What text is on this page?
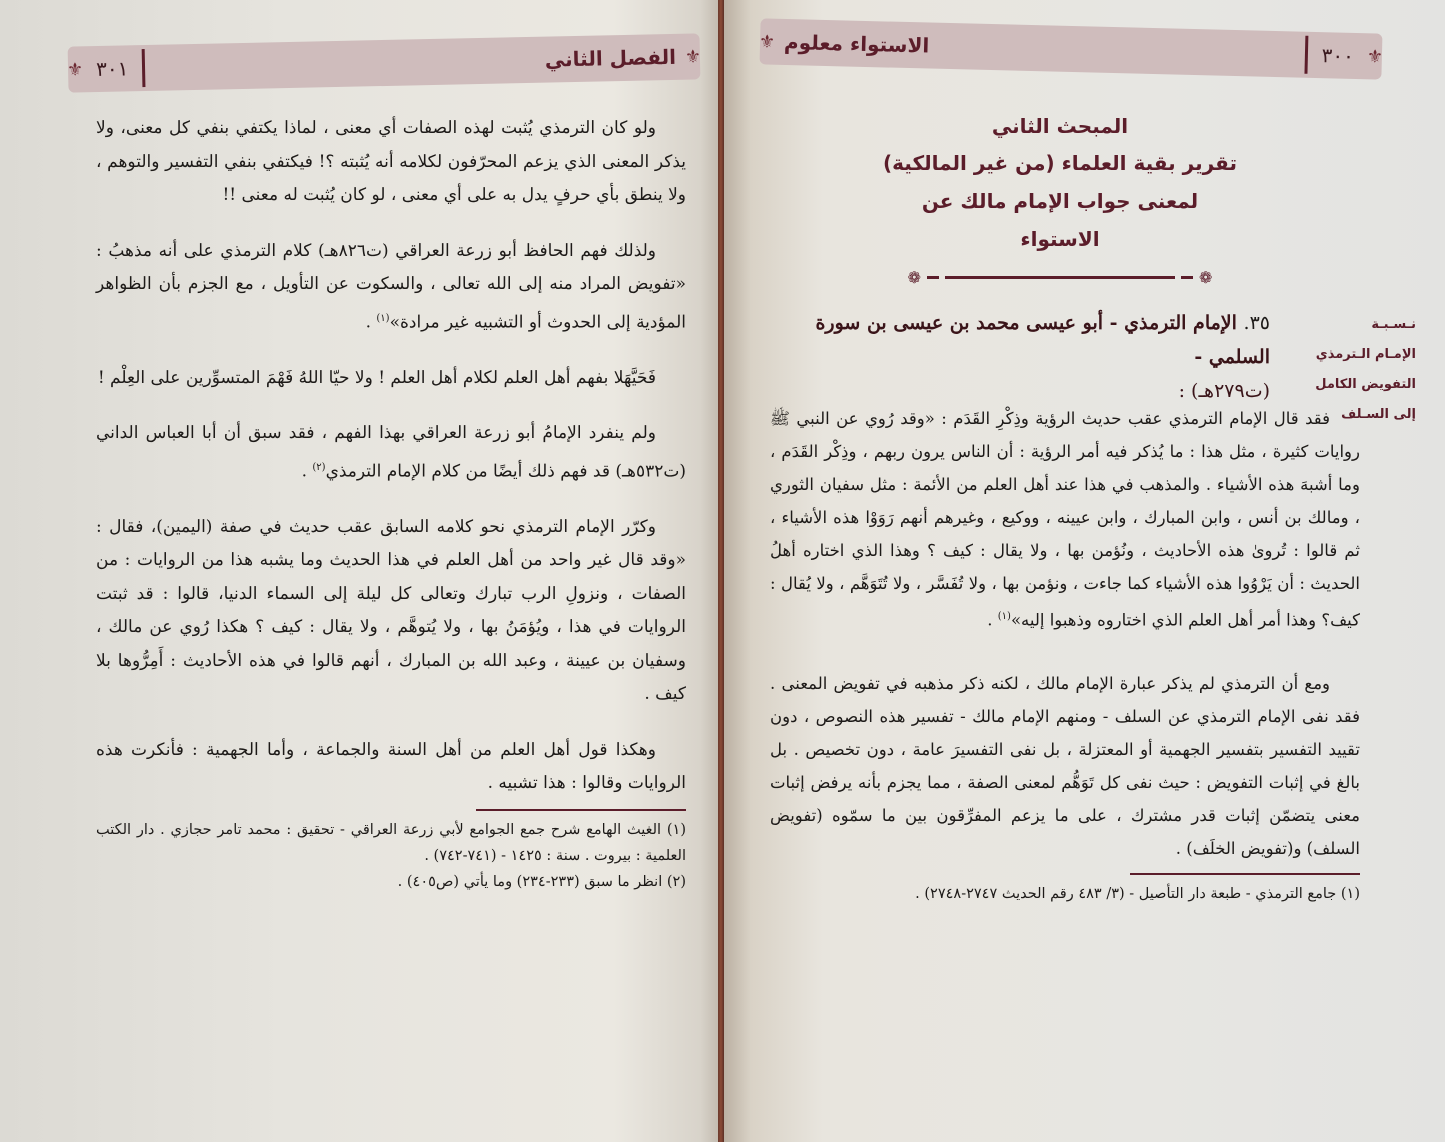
⚜ ٣٠١	الفصل الثاني ⚜

ولو كان الترمذي يُثبت لهذه الصفات أي معنى ، لماذا يكتفي بنفي كل معنى، ولا يذكر المعنى الذي يزعم المحرّفون لكلامه أنه يُثبته ؟! فيكتفي بنفي التفسير والتوهم ، ولا ينطق بأي حرفٍ يدل به على أي معنى ، لو كان يُثبت له معنى !!

ولذلك فهم الحافظ أبو زرعة العراقي (ت٨٢٦هـ) كلام الترمذي على أنه مذهبُ : «تفويض المراد منه إلى الله تعالى ، والسكوت عن التأويل ، مع الجزم بأن الظواهر المؤدية إلى الحدوث أو التشبيه غير مرادة»$^{(١)}$ .

فَحَيَّهَلا بفهم أهل العلم لكلام أهل العلم ! ولا حيّا اللهُ فَهْمَ المتسوِّرين على العِلْم !

ولم ينفرد الإمامُ أبو زرعة العراقي بهذا الفهم ، فقد سبق أن أبا العباس الداني (ت٥٣٢هـ) قد فهم ذلك أيضًا من كلام الإمام الترمذي$^{(٢)}$ .

وكرّر الإمام الترمذي نحو كلامه السابق عقب حديث في صفة (اليمين)، فقال : «وقد قال غير واحد من أهل العلم في هذا الحديث وما يشبه هذا من الروايات : من الصفات ، ونزولِ الرب تبارك وتعالى كل ليلة إلى السماء الدنيا، قالوا : قد ثبتت الروايات في هذا ، ويُؤمَنُ بها ، ولا يُتوهَّم ، ولا يقال : كيف ؟ هكذا رُوي عن مالك ، وسفيان بن عيينة ، وعبد الله بن المبارك ، أنهم قالوا في هذه الأحاديث : أَمِرُّوها بلا كيف .

وهكذا قول أهل العلم من أهل السنة والجماعة ، وأما الجهمية : فأنكرت هذه الروايات وقالوا : هذا تشبيه .

(١) الغيث الهامع شرح جمع الجوامع لأبي زرعة العراقي - تحقيق : محمد تامر حجازي . دار الكتب العلمية : بيروت . سنة : ١٤٢٥ - (٧٤١-٧٤٢) .
(٢) انظر ما سبق (٢٣٣-٢٣٤) وما يأتي (ص٤٠٥) .
⚜ الاستواء معلوم	٣٠٠ ⚜
المبحث الثاني
تقرير بقية العلماء (من غير المالكية)
لمعنى جواب الإمام مالك عن الاستواء
❁
❁
٣٥. الإمام الترمذي - أبو عيسى محمد بن عيسى بن سورة السلمي -
(ت٢٧٩هـ) :
نـسـبـة
الإمـام الـترمذي
التفويض الكامل
إلى السـلف

فقد قال الإمام الترمذي عقب حديث الرؤية وذِكْرِ القَدَم : «وقد رُوي عن النبي ﷺ روايات كثيرة ، مثل هذا : ما يُذكر فيه أمر الرؤية : أن الناس يرون ربهم ، وذِكْر القَدَم ، وما أشبهَ هذه الأشياء . والمذهب في هذا عند أهل العلم من الأئمة : مثل سفيان الثوري ، ومالك بن أنس ، وابن المبارك ، وابن عيينه ، ووكيع ، وغيرهم أنهم رَوَوْا هذه الأشياء ، ثم قالوا : تُروىٰ هذه الأحاديث ، ونُؤمن بها ، ولا يقال : كيف ؟ وهذا الذي اختاره أهلُ الحديث : أن يَرْوُوا هذه الأشياء كما جاءت ، ونؤمن بها ، ولا تُفَسَّر ، ولا تُتَوَهَّم ، ولا يُقال : كيف؟ وهذا أمر أهل العلم الذي اختاروه وذهبوا إليه»$^{(١)}$ .

ومع أن الترمذي لم يذكر عبارة الإمام مالك ، لكنه ذكر مذهبه في تفويض المعنى . فقد نفى الإمام الترمذي عن السلف - ومنهم الإمام مالك - تفسير هذه النصوص ، دون تقييد التفسير بتفسير الجهمية أو المعتزلة ، بل نفى التفسيرَ عامة ، دون تخصيص . بل بالغ في إثبات التفويض : حيث نفى كل تَوَهُّم لمعنى الصفة ، مما يجزم بأنه يرفض إثبات معنى يتضمّن إثبات قدر مشترك ، على ما يزعم المفرِّقون بين ما سمّوه (تفويض السلف) و(تفويض الخلَف) .

(١) جامع الترمذي - طبعة دار التأصيل - (٣/ ٤٨٣ رقم الحديث ٢٧٤٧-٢٧٤٨) .
